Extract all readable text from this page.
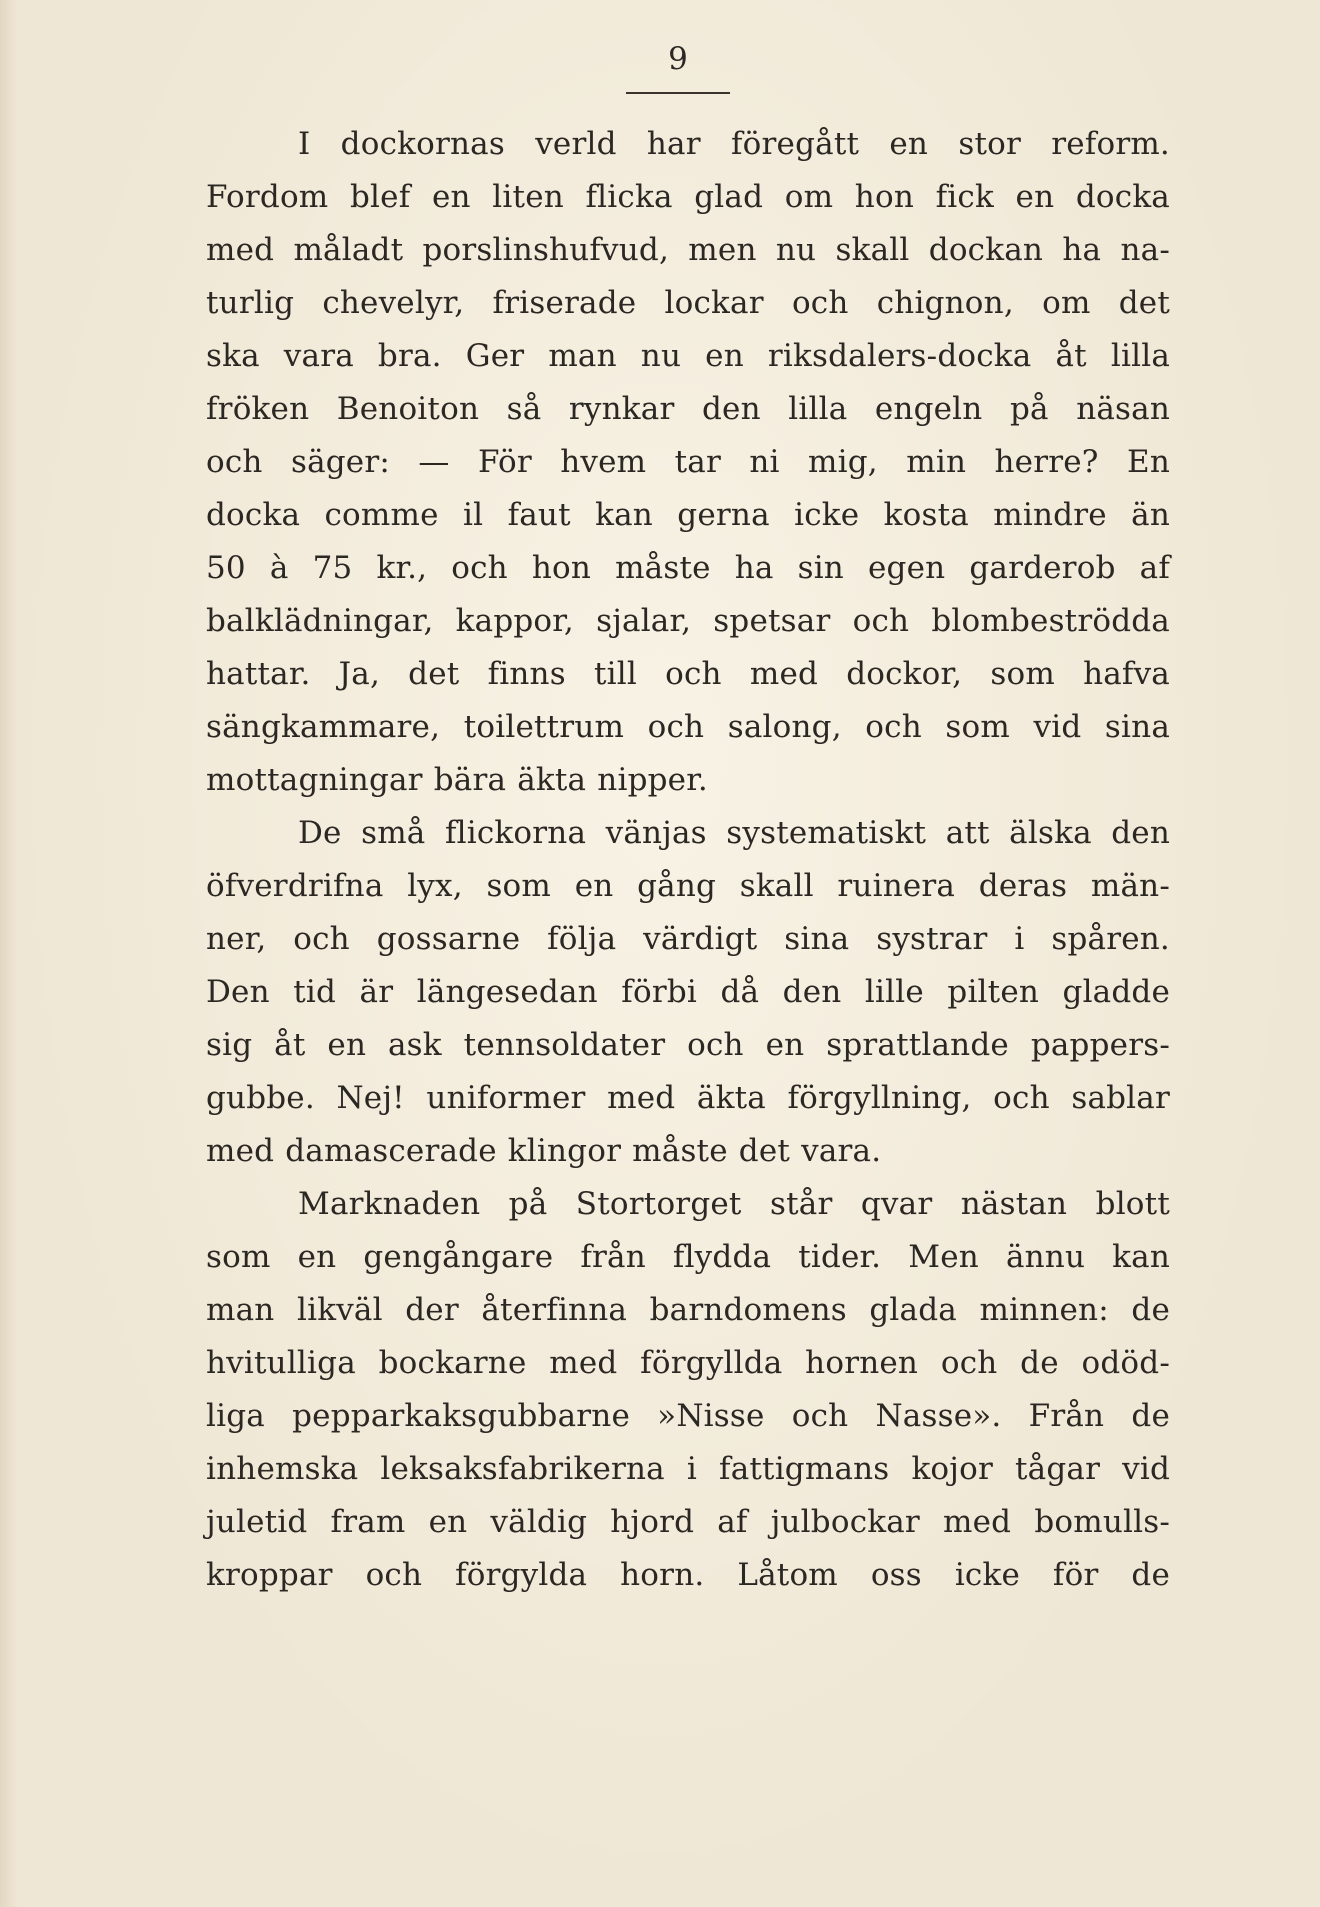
9
I dockornas verld har föregått en stor reform.
Fordom blef en liten flicka glad om hon fick en docka
med måladt porslinshufvud, men nu skall dockan ha na-
turlig chevelyr, friserade lockar och chignon, om det
ska vara bra. Ger man nu en riksdalers-docka åt lilla
fröken Benoiton så rynkar den lilla engeln på näsan
och säger: — För hvem tar ni mig, min herre? En
docka comme il faut kan gerna icke kosta mindre än
50 à 75 kr., och hon måste ha sin egen garderob af
balklädningar, kappor, sjalar, spetsar och blombeströdda
hattar. Ja, det finns till och med dockor, som hafva
sängkammare, toilettrum och salong, och som vid sina
mottagningar bära äkta nipper.
De små flickorna vänjas systematiskt att älska den
öfverdrifna lyx, som en gång skall ruinera deras män-
ner, och gossarne följa värdigt sina systrar i spåren.
Den tid är längesedan förbi då den lille pilten gladde
sig åt en ask tennsoldater och en sprattlande pappers-
gubbe. Nej! uniformer med äkta förgyllning, och sablar
med damascerade klingor måste det vara.
Marknaden på Stortorget står qvar nästan blott
som en gengångare från flydda tider. Men ännu kan
man likväl der återfinna barndomens glada minnen: de
hvitulliga bockarne med förgyllda hornen och de odöd-
liga pepparkaksgubbarne »Nisse och Nasse». Från de
inhemska leksaksfabrikerna i fattigmans kojor tågar vid
juletid fram en väldig hjord af julbockar med bomulls-
kroppar och förgylda horn. Låtom oss icke för de
